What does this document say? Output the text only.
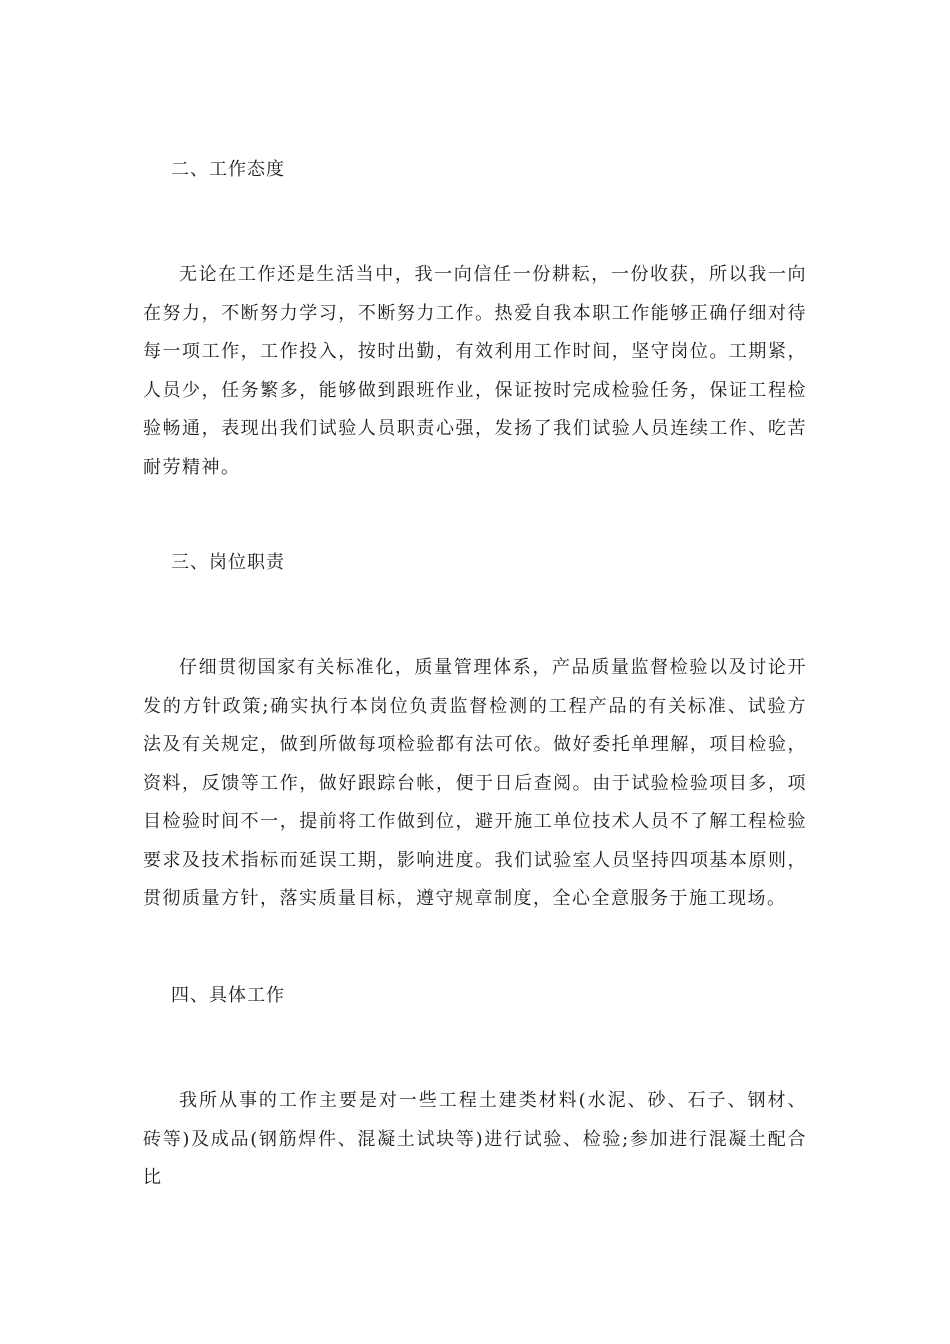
二、工作态度

无论在工作还是生活当中，我一向信任一份耕耘，一份收获，所以我一向在努力，不断努力学习，不断努力工作。热爱自我本职工作能够正确仔细对待每一项工作，工作投入，按时出勤，有效利用工作时间，坚守岗位。工期紧，人员少，任务繁多，能够做到跟班作业，保证按时完成检验任务，保证工程检验畅通，表现出我们试验人员职责心强，发扬了我们试验人员连续工作、吃苦耐劳精神。

三、岗位职责

仔细贯彻国家有关标准化，质量管理体系，产品质量监督检验以及讨论开发的方针政策;确实执行本岗位负责监督检测的工程产品的有关标准、试验方法及有关规定，做到所做每项检验都有法可依。做好委托单理解，项目检验，资料，反馈等工作，做好跟踪台帐，便于日后查阅。由于试验检验项目多，项目检验时间不一，提前将工作做到位，避开施工单位技术人员不了解工程检验要求及技术指标而延误工期，影响进度。我们试验室人员坚持四项基本原则，贯彻质量方针，落实质量目标，遵守规章制度，全心全意服务于施工现场。

四、具体工作

我所从事的工作主要是对一些工程土建类材料(水泥、砂、石子、钢材、砖等)及成品(钢筋焊件、混凝土试块等)进行试验、检验;参加进行混凝土配合比
